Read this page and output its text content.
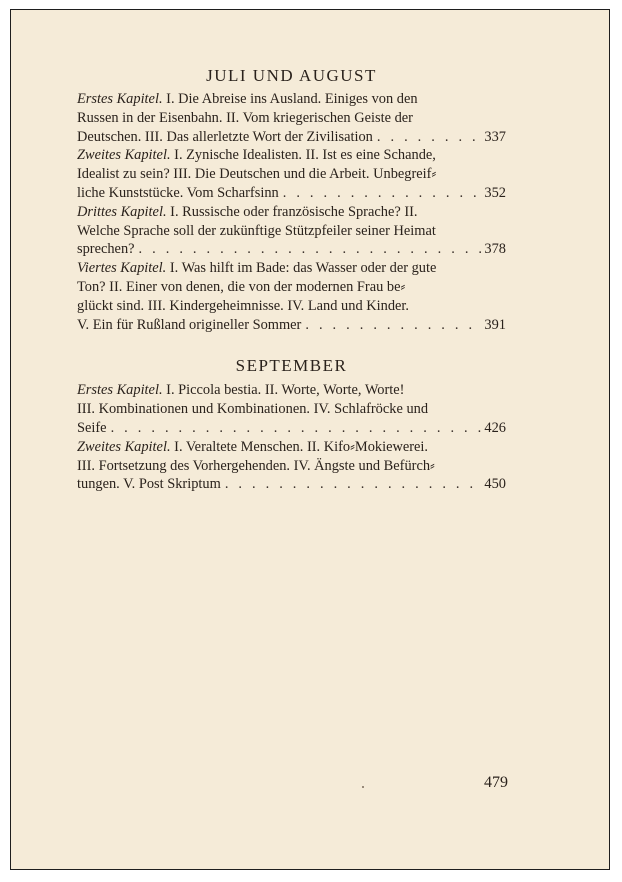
JULI UND AUGUST
Erstes Kapitel. I. Die Abreise ins Ausland. Einiges von den
Russen in der Eisenbahn. II. Vom kriegerischen Geiste der
Deutschen. III. Das allerletzte Wort der Zivilisation . . .	337
Zweites Kapitel. I. Zynische Idealisten. II. Ist es eine Schande,
Idealist zu sein? III. Die Deutschen und die Arbeit. Unbegreif⸗
liche Kunststücke. Vom Scharfsinn . . .	352
Drittes Kapitel. I. Russische oder französische Sprache? II.
Welche Sprache soll der zukünftige Stützpfeiler seiner Heimat
sprechen? . . .	378
Viertes Kapitel. I. Was hilft im Bade: das Wasser oder der gute
Ton? II. Einer von denen, die von der modernen Frau be⸗
glückt sind. III. Kindergeheimnisse. IV. Land und Kinder.
V. Ein für Rußland origineller Sommer . . .	391
SEPTEMBER
Erstes Kapitel. I. Piccola bestia. II. Worte, Worte, Worte!
III. Kombinationen und Kombinationen. IV. Schlafröcke und
Seife . . .	426
Zweites Kapitel. I. Veraltete Menschen. II. Kifo⸗Mokiewerei.
III. Fortsetzung des Vorhergehenden. IV. Ängste und Befürch⸗
tungen. V. Post Skriptum . . .	450
479
